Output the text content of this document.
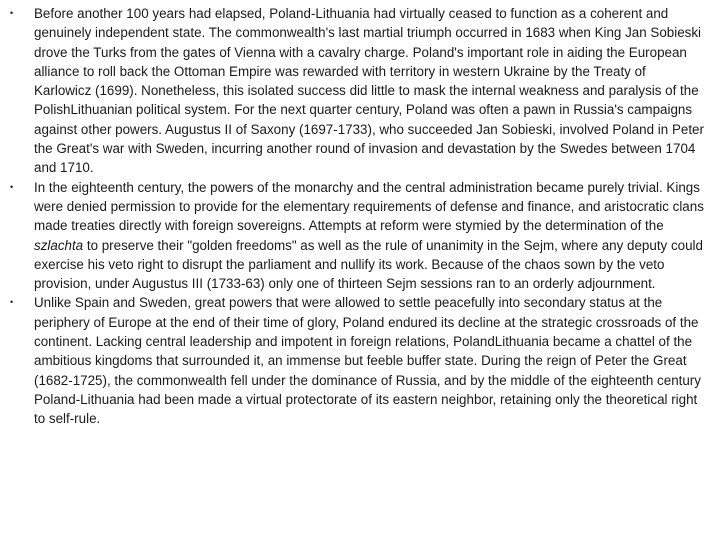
• Before another 100 years had elapsed, Poland-Lithuania had virtually ceased to function as a coherent and genuinely independent state. The commonwealth's last martial triumph occurred in 1683 when King Jan Sobieski drove the Turks from the gates of Vienna with a cavalry charge. Poland's important role in aiding the European alliance to roll back the Ottoman Empire was rewarded with territory in western Ukraine by the Treaty of Karlowicz (1699). Nonetheless, this isolated success did little to mask the internal weakness and paralysis of the PolishLithuanian political system. For the next quarter century, Poland was often a pawn in Russia's campaigns against other powers. Augustus II of Saxony (1697-1733), who succeeded Jan Sobieski, involved Poland in Peter the Great's war with Sweden, incurring another round of invasion and devastation by the Swedes between 1704 and 1710.
• In the eighteenth century, the powers of the monarchy and the central administration became purely trivial. Kings were denied permission to provide for the elementary requirements of defense and finance, and aristocratic clans made treaties directly with foreign sovereigns. Attempts at reform were stymied by the determination of the szlachta to preserve their "golden freedoms" as well as the rule of unanimity in the Sejm, where any deputy could exercise his veto right to disrupt the parliament and nullify its work. Because of the chaos sown by the veto provision, under Augustus III (1733-63) only one of thirteen Sejm sessions ran to an orderly adjournment.
• Unlike Spain and Sweden, great powers that were allowed to settle peacefully into secondary status at the periphery of Europe at the end of their time of glory, Poland endured its decline at the strategic crossroads of the continent. Lacking central leadership and impotent in foreign relations, PolandLithuania became a chattel of the ambitious kingdoms that surrounded it, an immense but feeble buffer state. During the reign of Peter the Great (1682-1725), the commonwealth fell under the dominance of Russia, and by the middle of the eighteenth century Poland-Lithuania had been made a virtual protectorate of its eastern neighbor, retaining only the theoretical right to self-rule.
